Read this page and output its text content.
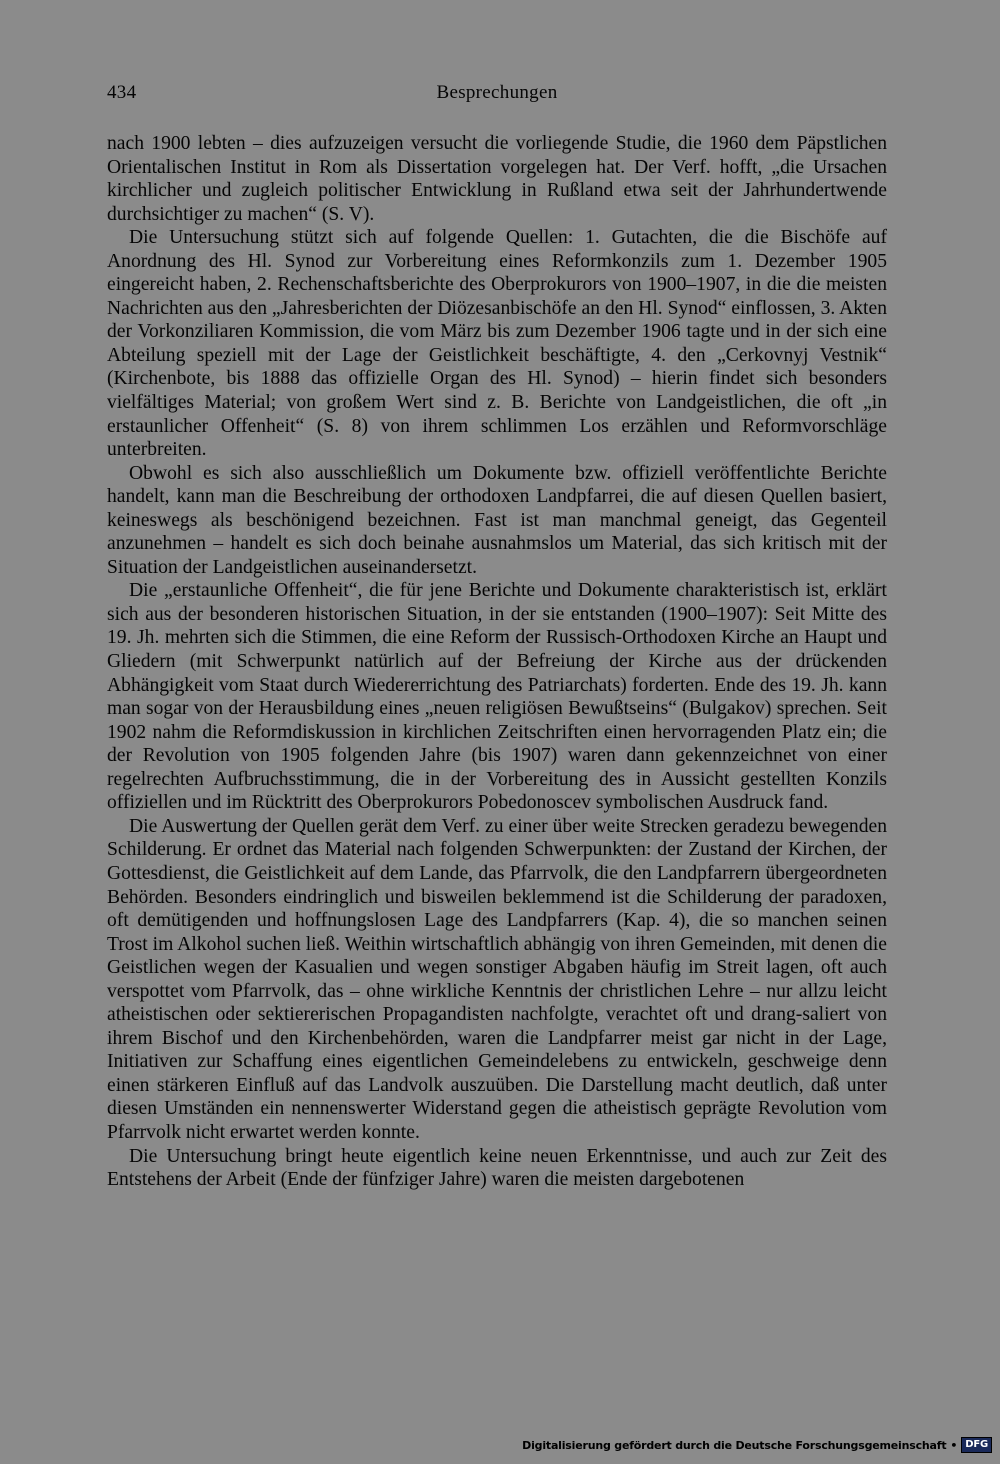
434	Besprechungen

nach 1900 lebten – dies aufzuzeigen versucht die vorliegende Studie, die 1960 dem Päpstlichen Orientalischen Institut in Rom als Dissertation vorgelegen hat. Der Verf. hofft, „die Ursachen kirchlicher und zugleich politischer Entwicklung in Rußland etwa seit der Jahrhundertwende durchsichtiger zu machen“ (S. V).

Die Untersuchung stützt sich auf folgende Quellen: 1. Gutachten, die die Bischöfe auf Anordnung des Hl. Synod zur Vorbereitung eines Reformkonzils zum 1. Dezember 1905 eingereicht haben, 2. Rechenschaftsberichte des Oberprokurors von 1900–1907, in die die meisten Nachrichten aus den „Jahresberichten der Diözesanbischöfe an den Hl. Synod“ einflossen, 3. Akten der Vorkonziliaren Kommission, die vom März bis zum Dezember 1906 tagte und in der sich eine Abteilung speziell mit der Lage der Geistlichkeit beschäftigte, 4. den „Cerkovnyj Vestnik“ (Kirchenbote, bis 1888 das offizielle Organ des Hl. Synod) – hierin findet sich besonders vielfältiges Material; von großem Wert sind z. B. Berichte von Landgeistlichen, die oft „in erstaunlicher Offenheit“ (S. 8) von ihrem schlimmen Los erzählen und Reformvorschläge unterbreiten.

Obwohl es sich also ausschließlich um Dokumente bzw. offiziell veröffentlichte Berichte handelt, kann man die Beschreibung der orthodoxen Landpfarrei, die auf diesen Quellen basiert, keineswegs als beschönigend bezeichnen. Fast ist man manchmal geneigt, das Gegenteil anzunehmen – handelt es sich doch beinahe ausnahmslos um Material, das sich kritisch mit der Situation der Landgeistlichen auseinandersetzt.

Die „erstaunliche Offenheit“, die für jene Berichte und Dokumente charakteristisch ist, erklärt sich aus der besonderen historischen Situation, in der sie entstanden (1900–1907): Seit Mitte des 19. Jh. mehrten sich die Stimmen, die eine Reform der Russisch-Orthodoxen Kirche an Haupt und Gliedern (mit Schwerpunkt natürlich auf der Befreiung der Kirche aus der drückenden Abhängigkeit vom Staat durch Wiedererrichtung des Patriarchats) forderten. Ende des 19. Jh. kann man sogar von der Herausbildung eines „neuen religiösen Bewußtseins“ (Bulgakov) sprechen. Seit 1902 nahm die Reformdiskussion in kirchlichen Zeitschriften einen hervorragenden Platz ein; die der Revolution von 1905 folgenden Jahre (bis 1907) waren dann gekennzeichnet von einer regelrechten Aufbruchsstimmung, die in der Vorbereitung des in Aussicht gestellten Konzils offiziellen und im Rücktritt des Oberprokurors Pobedonoscev symbolischen Ausdruck fand.

Die Auswertung der Quellen gerät dem Verf. zu einer über weite Strecken geradezu bewegenden Schilderung. Er ordnet das Material nach folgenden Schwerpunkten: der Zustand der Kirchen, der Gottesdienst, die Geistlichkeit auf dem Lande, das Pfarrvolk, die den Landpfarrern übergeordneten Behörden. Besonders eindringlich und bisweilen beklemmend ist die Schilderung der paradoxen, oft demütigenden und hoffnungslosen Lage des Landpfarrers (Kap. 4), die so manchen seinen Trost im Alkohol suchen ließ. Weithin wirtschaftlich abhängig von ihren Gemeinden, mit denen die Geistlichen wegen der Kasualien und wegen sonstiger Abgaben häufig im Streit lagen, oft auch verspottet vom Pfarrvolk, das – ohne wirkliche Kenntnis der christlichen Lehre – nur allzu leicht atheistischen oder sektiererischen Propagandisten nachfolgte, verachtet oft und drang-saliert von ihrem Bischof und den Kirchenbehörden, waren die Landpfarrer meist gar nicht in der Lage, Initiativen zur Schaffung eines eigentlichen Gemeindelebens zu entwickeln, geschweige denn einen stärkeren Einfluß auf das Landvolk auszuüben. Die Darstellung macht deutlich, daß unter diesen Umständen ein nennenswerter Widerstand gegen die atheistisch geprägte Revolution vom Pfarrvolk nicht erwartet werden konnte.

Die Untersuchung bringt heute eigentlich keine neuen Erkenntnisse, und auch zur Zeit des Entstehens der Arbeit (Ende der fünfziger Jahre) waren die meisten dargebotenen

Digitalisierung gefördert durch die Deutsche Forschungsgemeinschaft • DFG
